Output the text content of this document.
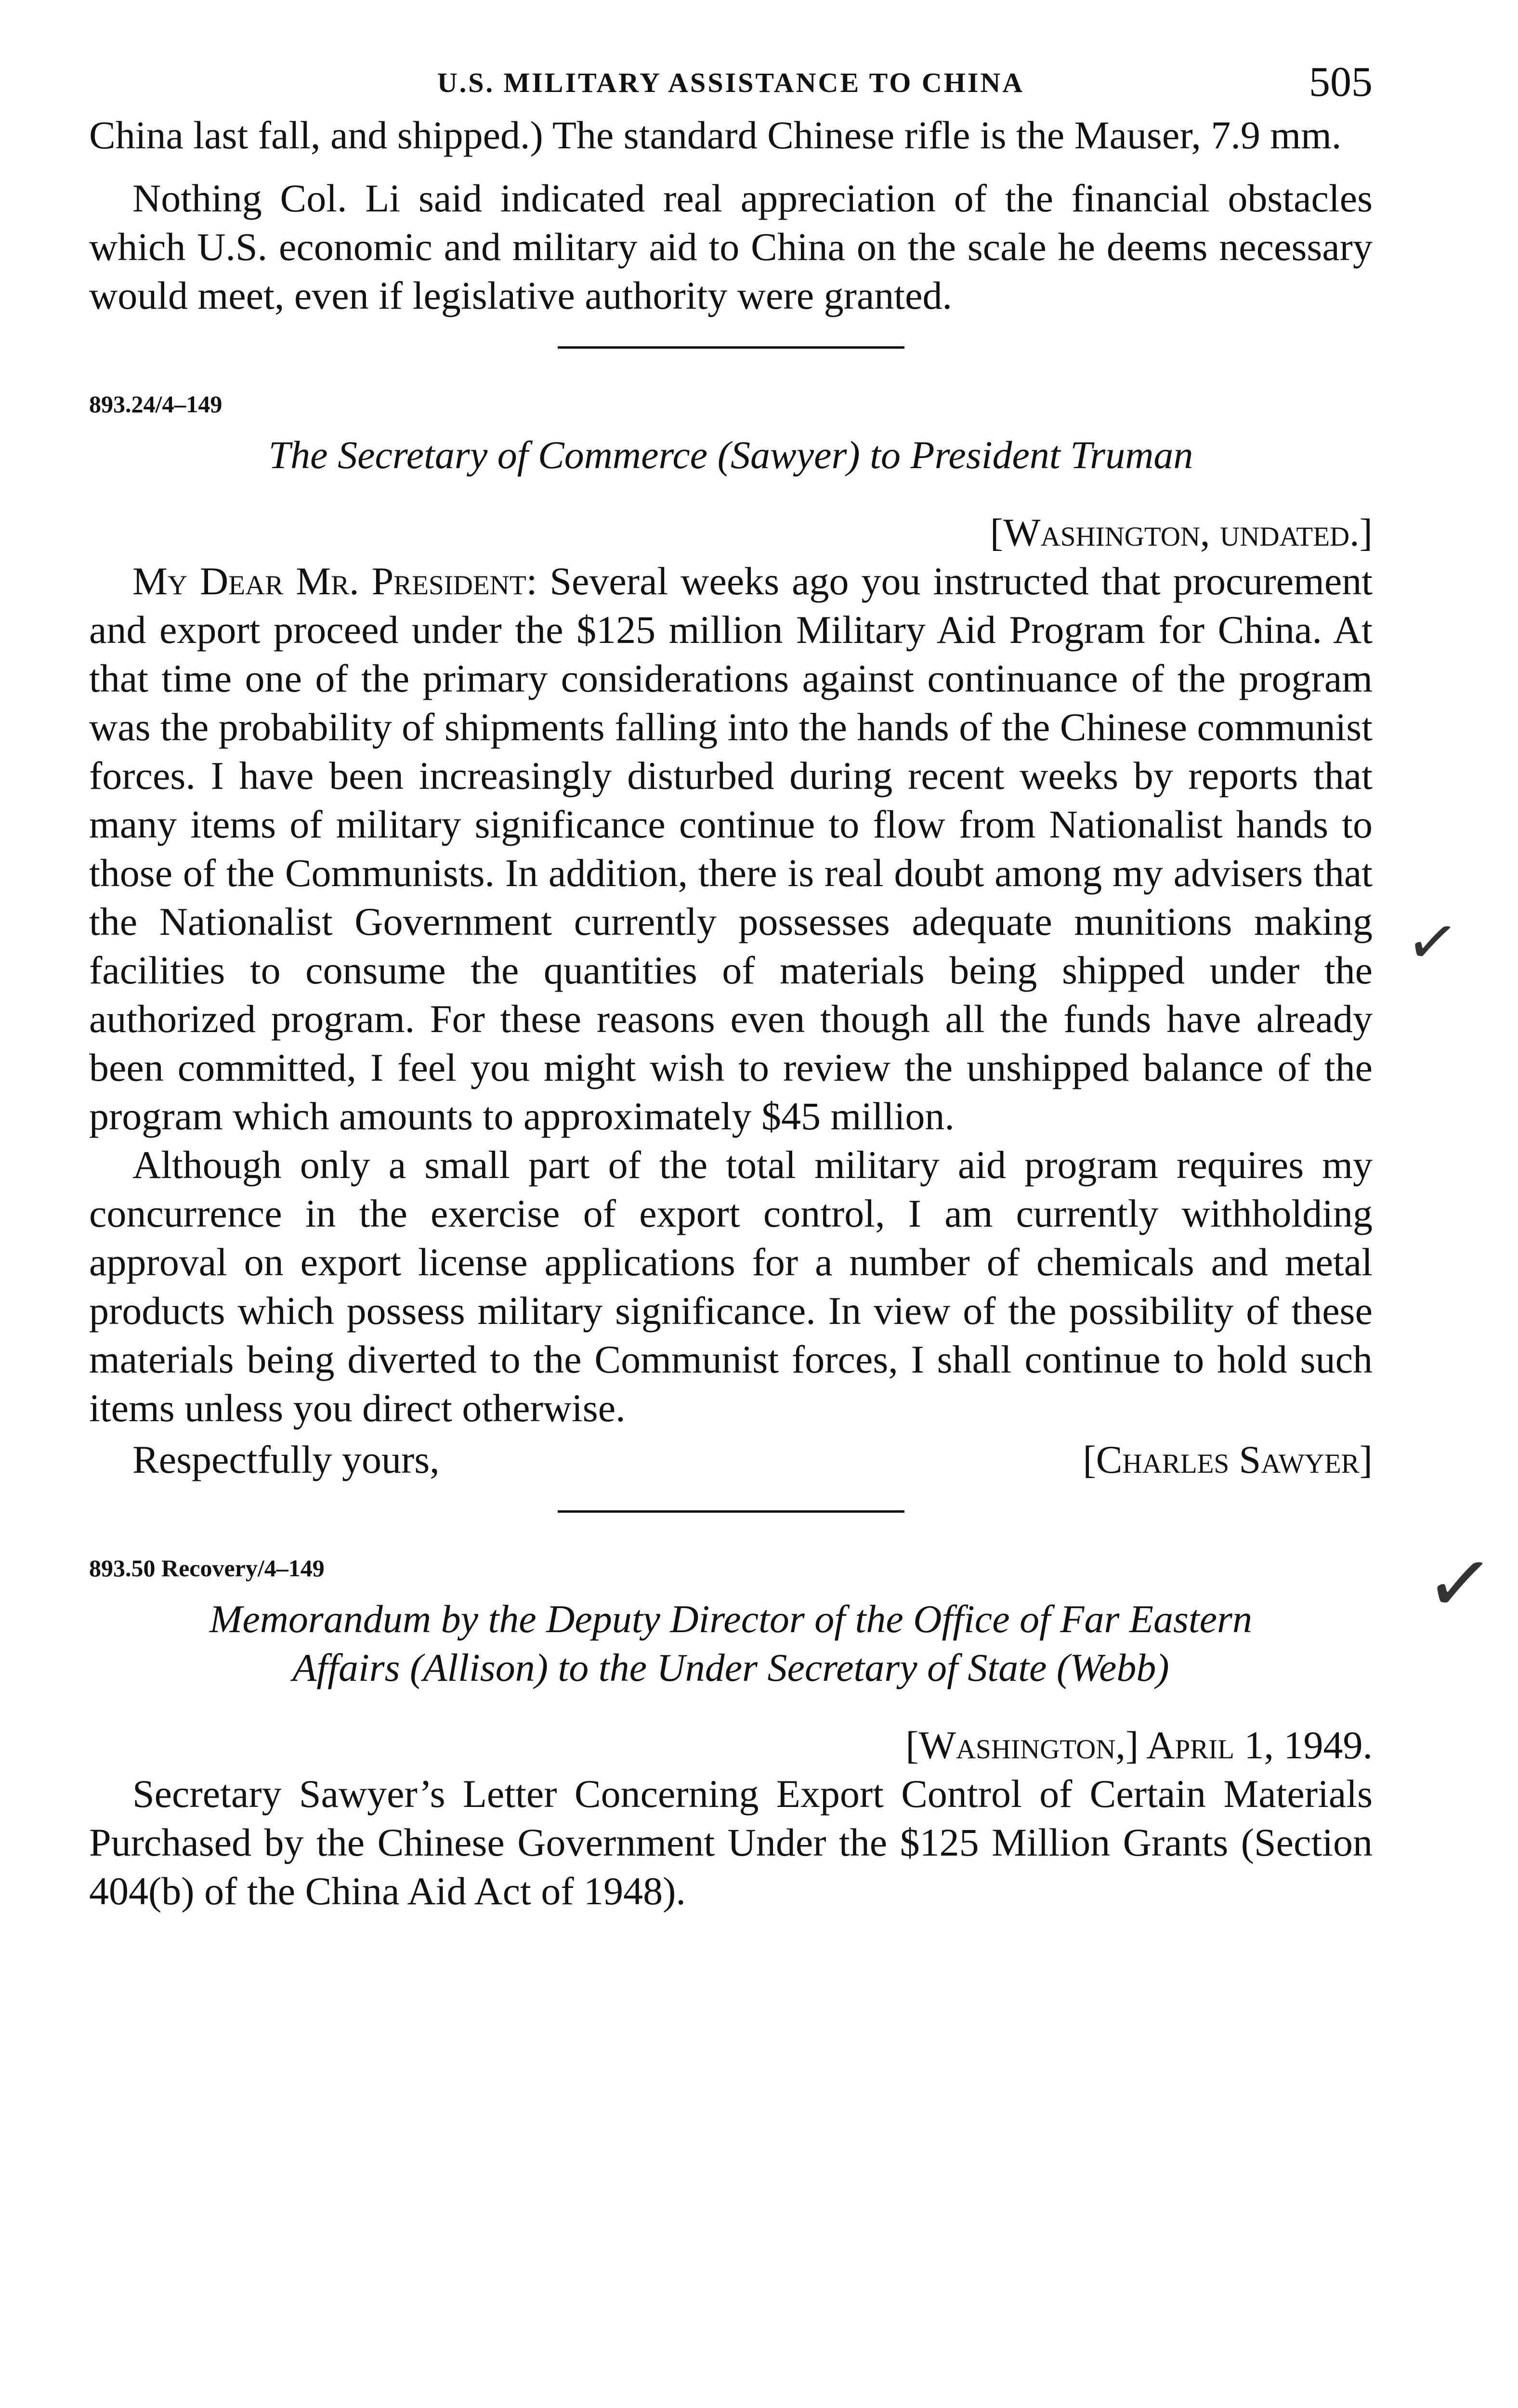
U.S. MILITARY ASSISTANCE TO CHINA	505

China last fall, and shipped.) The standard Chinese rifle is the Mauser, 7.9 mm.

Nothing Col. Li said indicated real appreciation of the financial obstacles which U.S. economic and military aid to China on the scale he deems necessary would meet, even if legislative authority were granted.

893.24/4–149
The Secretary of Commerce (Sawyer) to President Truman
[Washington, undated.]

My Dear Mr. President: Several weeks ago you instructed that procurement and export proceed under the $125 million Military Aid Program for China. At that time one of the primary considerations against continuance of the program was the probability of shipments falling into the hands of the Chinese communist forces. I have been increasingly disturbed during recent weeks by reports that many items of military significance continue to flow from Nationalist hands to those of the Communists. In addition, there is real doubt among my advisers that the Nationalist Government currently possesses adequate munitions making facilities to consume the quantities of materials being shipped under the authorized program. For these reasons even though all the funds have already been committed, I feel you might wish to review the unshipped balance of the program which amounts to approximately $45 million.

Although only a small part of the total military aid program requires my concurrence in the exercise of export control, I am currently withholding approval on export license applications for a number of chemicals and metal products which possess military significance. In view of the possibility of these materials being diverted to the Communist forces, I shall continue to hold such items unless you direct otherwise.

Respectfully yours,	[Charles Sawyer]
893.50 Recovery/4–149
Memorandum by the Deputy Director of the Office of Far Eastern
Affairs (Allison) to the Under Secretary of State (Webb)
[Washington,] April 1, 1949.

Secretary Sawyer’s Letter Concerning Export Control of Certain Materials Purchased by the Chinese Government Under the $125 Million Grants (Section 404(b) of the China Aid Act of 1948).

✓
✓
